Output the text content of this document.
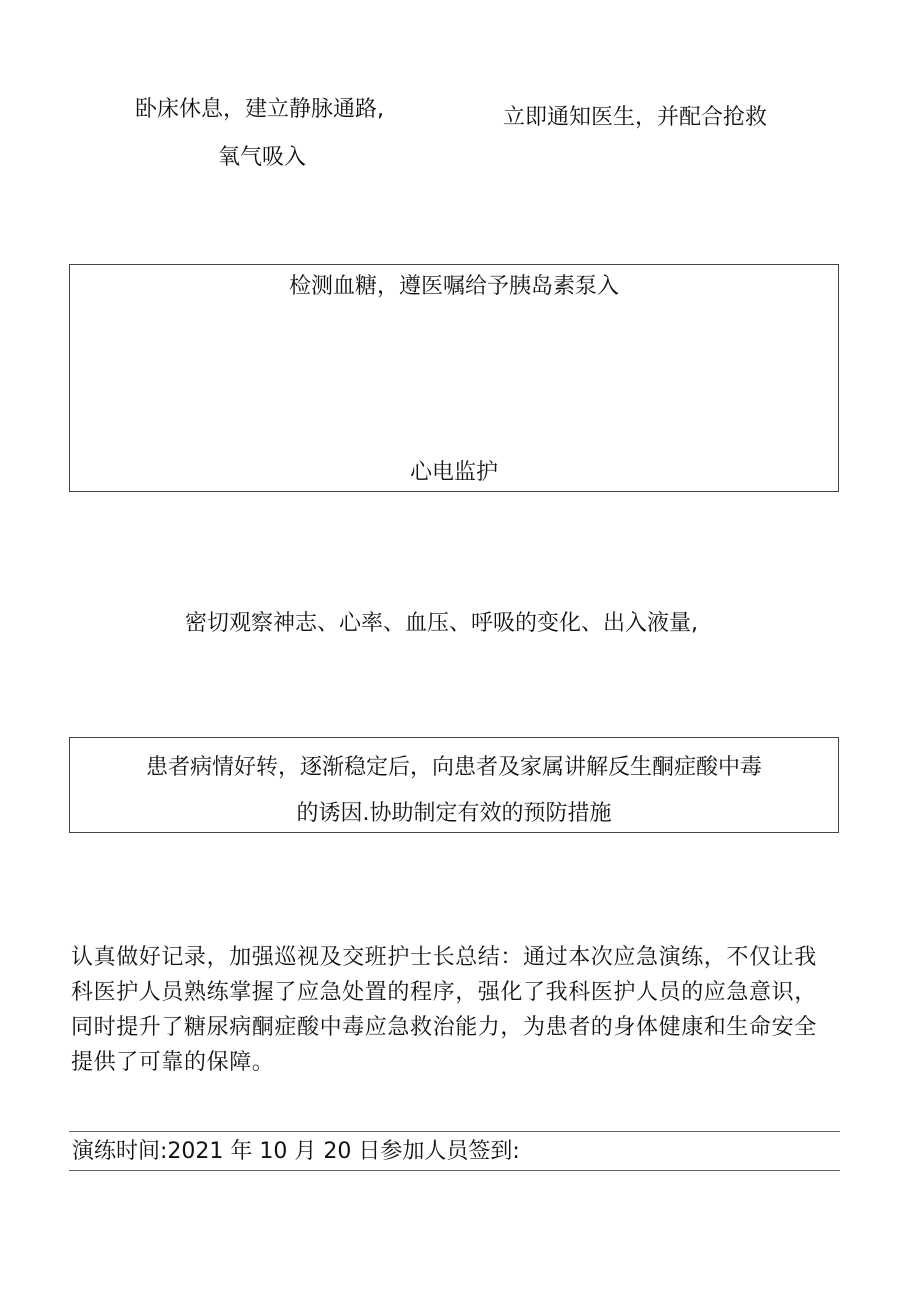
卧床休息，建立静脉通路,
氧气吸入
立即通知医生，并配合抢救
检测血糖，遵医嘱给予胰岛素泵入
心电监护
密切观察神志、心率、血压、呼吸的变化、出入液量,
患者病情好转，逐渐稳定后，向患者及家属讲解反生酮症酸中毒
的诱因.协助制定有效的预防措施
认真做好记录，加强巡视及交班护士长总结：通过本次应急演练，不仅让我
科医护人员熟练掌握了应急处置的程序，强化了我科医护人员的应急意识，
同时提升了糖尿病酮症酸中毒应急救治能力，为患者的身体健康和生命安全
提供了可靠的保障。
演练时间:2021 年 10 月 20 日参加人员签到:
